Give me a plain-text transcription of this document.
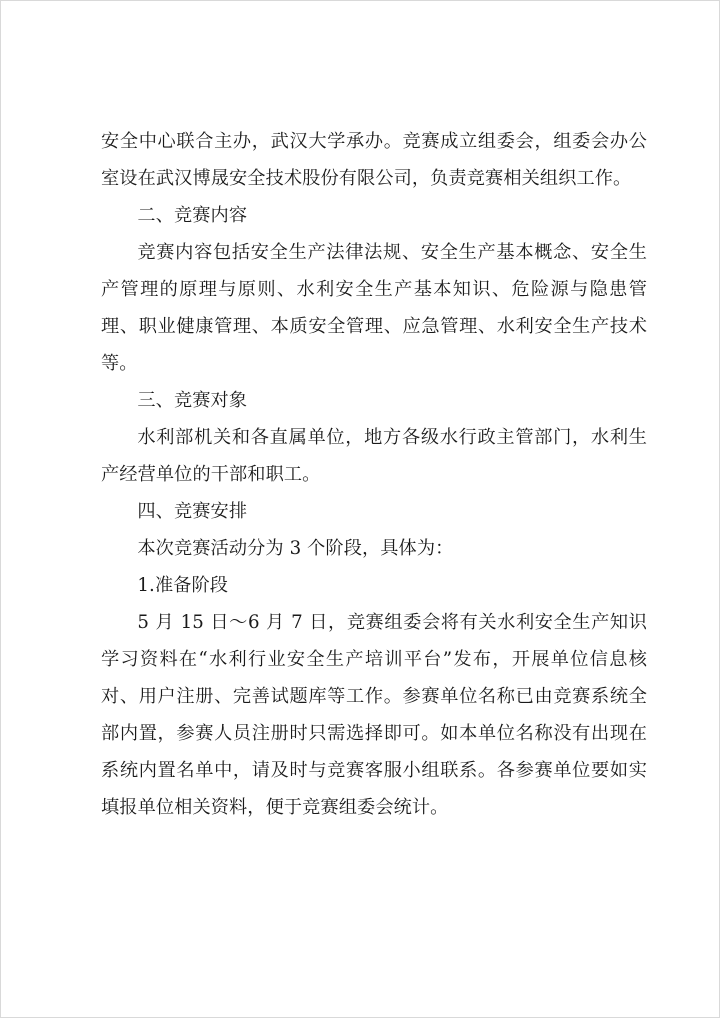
安全中心联合主办，武汉大学承办。竞赛成立组委会，组委会办公室设在武汉博晟安全技术股份有限公司，负责竞赛相关组织工作。

二、竞赛内容

竞赛内容包括安全生产法律法规、安全生产基本概念、安全生产管理的原理与原则、水利安全生产基本知识、危险源与隐患管理、职业健康管理、本质安全管理、应急管理、水利安全生产技术等。

三、竞赛对象

水利部机关和各直属单位，地方各级水行政主管部门，水利生产经营单位的干部和职工。

四、竞赛安排

本次竞赛活动分为 3 个阶段，具体为：

1.准备阶段

5 月 15 日～6 月 7 日，竞赛组委会将有关水利安全生产知识学习资料在“水利行业安全生产培训平台”发布，开展单位信息核对、用户注册、完善试题库等工作。参赛单位名称已由竞赛系统全部内置，参赛人员注册时只需选择即可。如本单位名称没有出现在系统内置名单中，请及时与竞赛客服小组联系。各参赛单位要如实填报单位相关资料，便于竞赛组委会统计。
